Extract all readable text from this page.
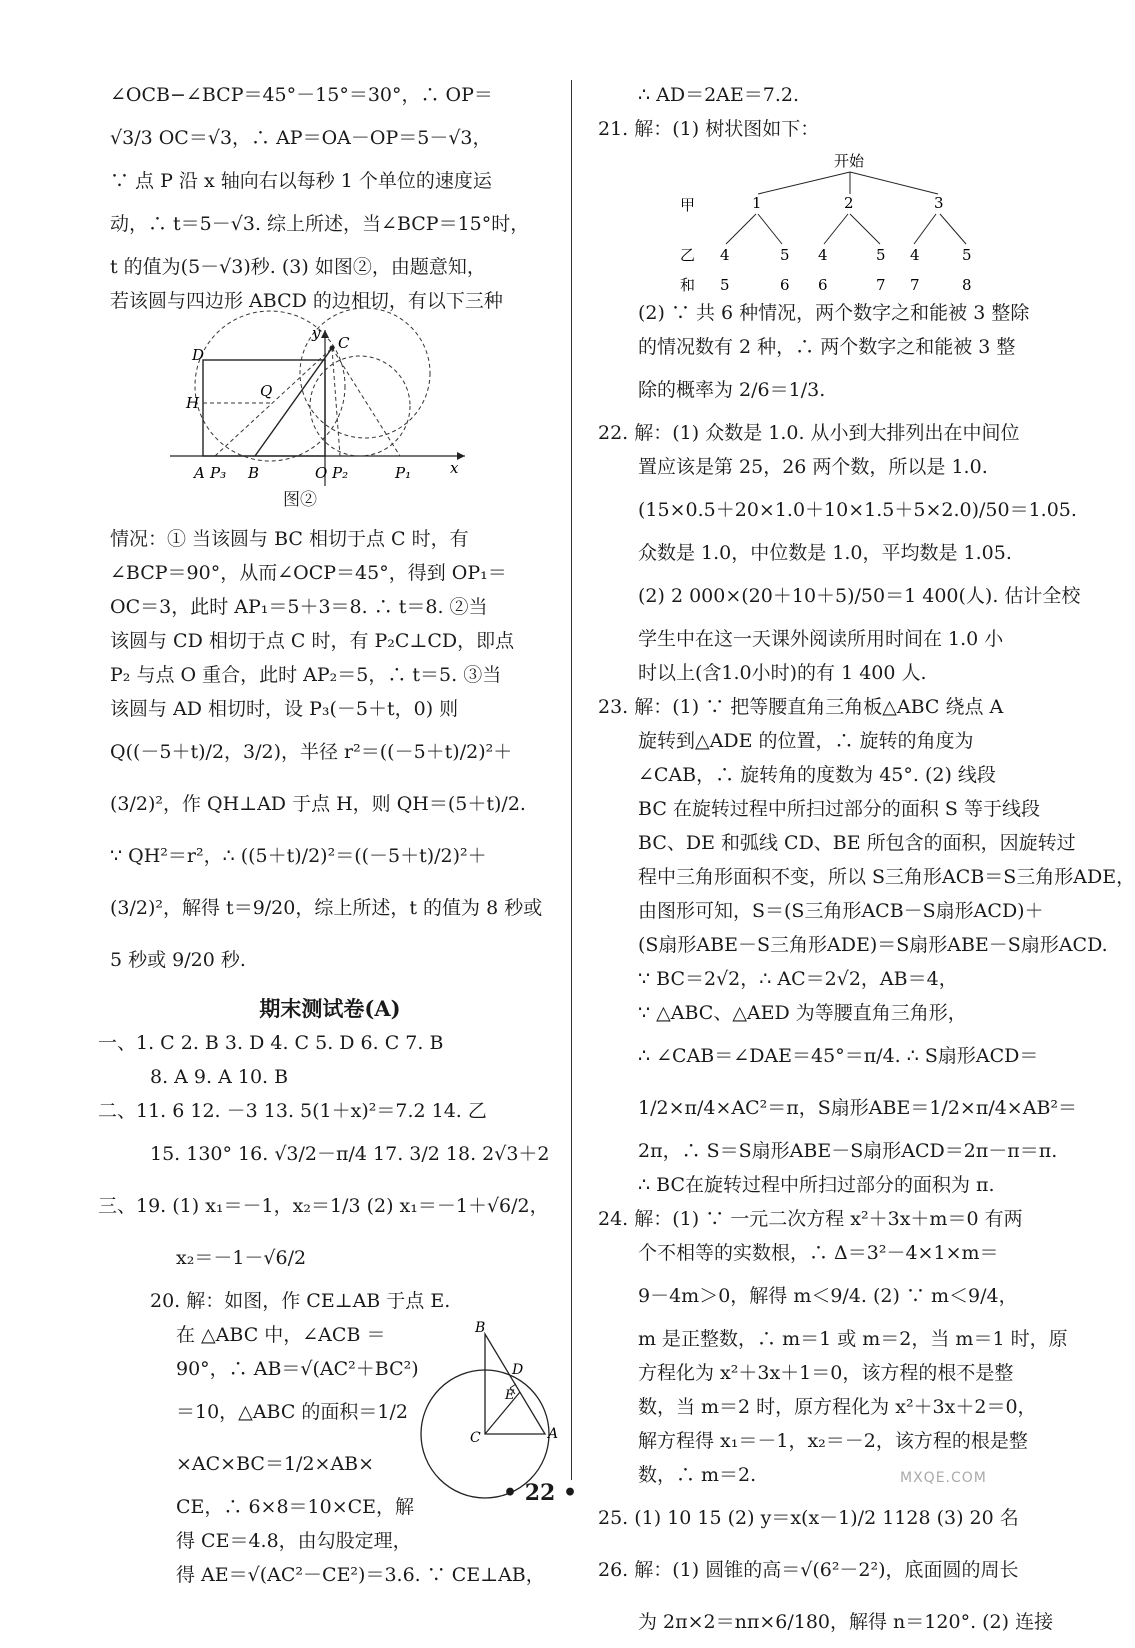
∠OCB−∠BCP＝45°－15°＝30°，∴ OP＝
√3/3 OC＝√3，∴ AP＝OA－OP＝5－√3，
∵ 点 P 沿 x 轴向右以每秒 1 个单位的速度运
动，∴ t＝5－√3. 综上所述，当∠BCP＝15°时，
t 的值为(5－√3)秒. (3) 如图②，由题意知，
若该圆与四边形 ABCD 的边相切，有以下三种
D
C
H
Q
A P₃ B	O P₂	P₁	x
y
图②
情况：① 当该圆与 BC 相切于点 C 时，有
∠BCP＝90°，从而∠OCP＝45°，得到 OP₁＝
OC＝3，此时 AP₁＝5＋3＝8. ∴ t＝8. ②当
该圆与 CD 相切于点 C 时，有 P₂C⊥CD，即点
P₂ 与点 O 重合，此时 AP₂＝5，∴ t＝5. ③当
该圆与 AD 相切时，设 P₃(－5＋t，0) 则
Q((－5＋t)/2，3/2)，半径 r²＝((－5＋t)/2)²＋
(3/2)²，作 QH⊥AD 于点 H，则 QH＝(5＋t)/2.
∵ QH²＝r²，∴ ((5＋t)/2)²＝((－5＋t)/2)²＋
(3/2)²，解得 t＝9/20，综上所述，t 的值为 8 秒或
5 秒或 9/20 秒.
期末测试卷(A)
一、1. C 2. B 3. D 4. C 5. D 6. C 7. B
8. A 9. A 10. B
二、11. 6 12. －3 13. 5(1＋x)²＝7.2 14. 乙
15. 130° 16. √3/2－π/4 17. 3/2 18. 2√3＋2
三、19. (1) x₁＝－1，x₂＝1/3 (2) x₁＝－1＋√6/2，
x₂＝－1－√6/2
20. 解：如图，作 CE⊥AB 于点 E.
在 △ABC 中，∠ACB ＝
90°，∴ AB＝√(AC²＋BC²)
＝10，△ABC 的面积＝1/2
×AC×BC＝1/2×AB×
CE，∴ 6×8＝10×CE，解
得 CE＝4.8，由勾股定理，
得 AE＝√(AC²－CE²)＝3.6. ∵ CE⊥AB，
B
D
E
C	A
∴ AD＝2AE＝7.2.
21. 解：(1) 树状图如下：
开始
甲	1	2	3
乙 4	5 4	5 4	5
和 5	6 6	7 7	8
(2) ∵ 共 6 种情况，两个数字之和能被 3 整除
的情况数有 2 种，∴ 两个数字之和能被 3 整
除的概率为 2/6＝1/3.
22. 解：(1) 众数是 1.0. 从小到大排列出在中间位
置应该是第 25，26 两个数，所以是 1.0.
(15×0.5＋20×1.0＋10×1.5＋5×2.0)/50＝1.05.
众数是 1.0，中位数是 1.0，平均数是 1.05.
(2) 2 000×(20＋10＋5)/50＝1 400(人). 估计全校
学生中在这一天课外阅读所用时间在 1.0 小
时以上(含1.0小时)的有 1 400 人.
23. 解：(1) ∵ 把等腰直角三角板△ABC 绕点 A
旋转到△ADE 的位置，∴ 旋转的角度为
∠CAB，∴ 旋转角的度数为 45°. (2) 线段
BC 在旋转过程中所扫过部分的面积 S 等于线段
BC、DE 和弧线 CD、BE 所包含的面积，因旋转过
程中三角形面积不变，所以 S三角形ACB＝S三角形ADE，
由图形可知，S＝(S三角形ACB－S扇形ACD)＋
(S扇形ABE－S三角形ADE)＝S扇形ABE－S扇形ACD.
∵ BC＝2√2，∴ AC＝2√2，AB＝4，
∵ △ABC、△AED 为等腰直角三角形，
∴ ∠CAB＝∠DAE＝45°＝π/4. ∴ S扇形ACD＝
1/2×π/4×AC²＝π，S扇形ABE＝1/2×π/4×AB²＝
2π，∴ S＝S扇形ABE－S扇形ACD＝2π－π＝π.
∴ BC在旋转过程中所扫过部分的面积为 π.
24. 解：(1) ∵ 一元二次方程 x²＋3x＋m＝0 有两
个不相等的实数根，∴ Δ＝3²－4×1×m＝
9－4m＞0，解得 m＜9/4. (2) ∵ m＜9/4，
m 是正整数，∴ m＝1 或 m＝2，当 m＝1 时，原
方程化为 x²＋3x＋1＝0，该方程的根不是整
数，当 m＝2 时，原方程化为 x²＋3x＋2＝0，
解方程得 x₁＝－1，x₂＝－2，该方程的根是整
数，∴ m＝2.
25. (1) 10 15 (2) y＝x(x－1)/2 1128 (3) 20 名
26. 解：(1) 圆锥的高＝√(6²－2²)，底面圆的周长
为 2π×2＝nπ×6/180，解得 n＝120°. (2) 连接
• 22 •
MXQE.COM
